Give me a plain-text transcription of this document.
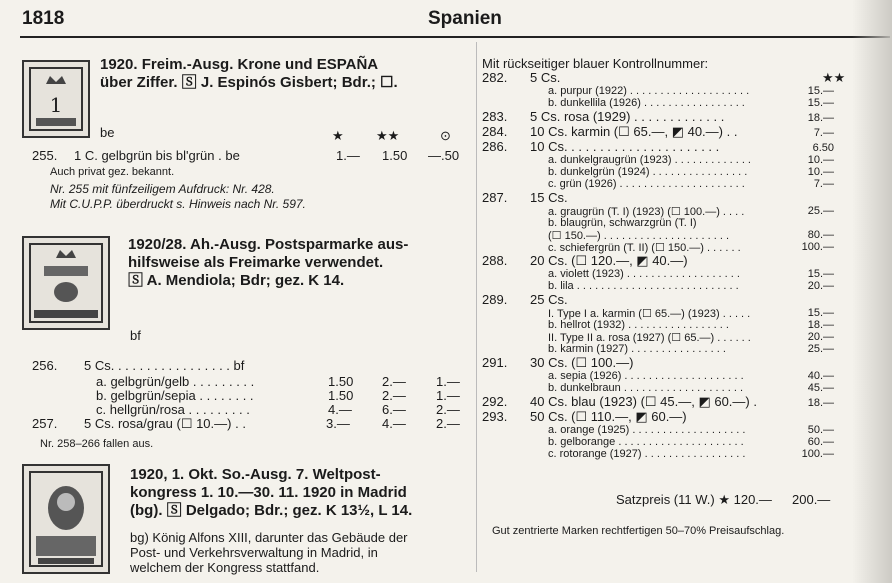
1818	Spanien
1
be
1920. Freim.-Ausg. Krone und ESPAÑA
über Ziffer. 🅂 J. Espinós Gisbert; Bdr.; ☐.
★ ★★	⊙
255. 1 C. gelbgrün bis bl'grün . be	1.— 1.50 —.50
Auch privat gez. bekannt.
Nr. 255 mit fünfzeiligem Aufdruck: Nr. 428.
Mit C.U.P.P. überdruckt s. Hinweis nach Nr. 597.
1920/28. Ah.-Ausg. Postsparmarke aus-
hilfsweise als Freimarke verwendet.
🅂 A. Mendiola; Bdr; gez. K 14.
bf
256. 5 Cs. . . . . . . . . . . . . . . . . bf
a. gelbgrün/gelb . . . . . . . . .	1.50 2.— 1.—
b. gelbgrün/sepia . . . . . . . .	1.50 2.— 1.—
c. hellgrün/rosa . . . . . . . . .	4.— 6.— 2.—
257. 5 Cs. rosa/grau (☐ 10.—) . .	3.— 4.— 2.—
Nr. 258–266 fallen aus.
1920, 1. Okt. So.-Ausg. 7. Weltpost-
kongress 1. 10.—30. 11. 1920 in Madrid
(bg). 🅂 Delgado; Bdr.; gez. K 13½, L 14.
bg) König Alfons XIII, darunter das Gebäude der
Post- und Verkehrsverwaltung in Madrid, in
welchem der Kongress stattfand.
Mit rückseitiger blauer Kontrollnummer:
★★
282. 5 Cs.
a. purpur (1922) . . . . . . . . . . . . . . . . . . . .	15.—
b. dunkellila (1926) . . . . . . . . . . . . . . . . .	15.—
283. 5 Cs. rosa (1929) . . . . . . . . . . . . .	18.—
284. 10 Cs. karmin (☐ 65.—, ◩ 40.—) . .	7.—
286. 10 Cs. . . . . . . . . . . . . . . . . . . . . .	6.50
a. dunkelgraugrün (1923) . . . . . . . . . . . . .	10.—
b. dunkelgrün (1924) . . . . . . . . . . . . . . . .	10.—
c. grün (1926) . . . . . . . . . . . . . . . . . . . . .	7.—
287. 15 Cs.
a. graugrün (T. I) (1923) (☐ 100.—) . . . .	25.—
b. blaugrün, schwarzgrün (T. I)
(☐ 150.—) . . . . . . . . . . . . . . . . . . . . .	80.—
c. schiefergrün (T. II) (☐ 150.—) . . . . . .	100.—
288. 20 Cs. (☐ 120.—, ◩ 40.—)
a. violett (1923) . . . . . . . . . . . . . . . . . . .	15.—
b. lila . . . . . . . . . . . . . . . . . . . . . . . . . . .	20.—
289. 25 Cs.
I. Type I a. karmin (☐ 65.—) (1923) . . . . .	15.—
b. hellrot (1932) . . . . . . . . . . . . . . . . .	18.—
II. Type II a. rosa (1927) (☐ 65.—) . . . . . .	20.—
b. karmin (1927) . . . . . . . . . . . . . . . .	25.—
291. 30 Cs. (☐ 100.—)
a. sepia (1926) . . . . . . . . . . . . . . . . . . . .	40.—
b. dunkelbraun . . . . . . . . . . . . . . . . . . . .	45.—
292. 40 Cs. blau (1923) (☐ 45.—, ◩ 60.—) .	18.—
293. 50 Cs. (☐ 110.—, ◩ 60.—)
a. orange (1925) . . . . . . . . . . . . . . . . . . .	50.—
b. gelborange . . . . . . . . . . . . . . . . . . . . .	60.—
c. rotorange (1927) . . . . . . . . . . . . . . . . .	100.—
Satzpreis (11 W.) ★ 120.— 200.—
Gut zentrierte Marken rechtfertigen 50–70% Preisaufschlag.
